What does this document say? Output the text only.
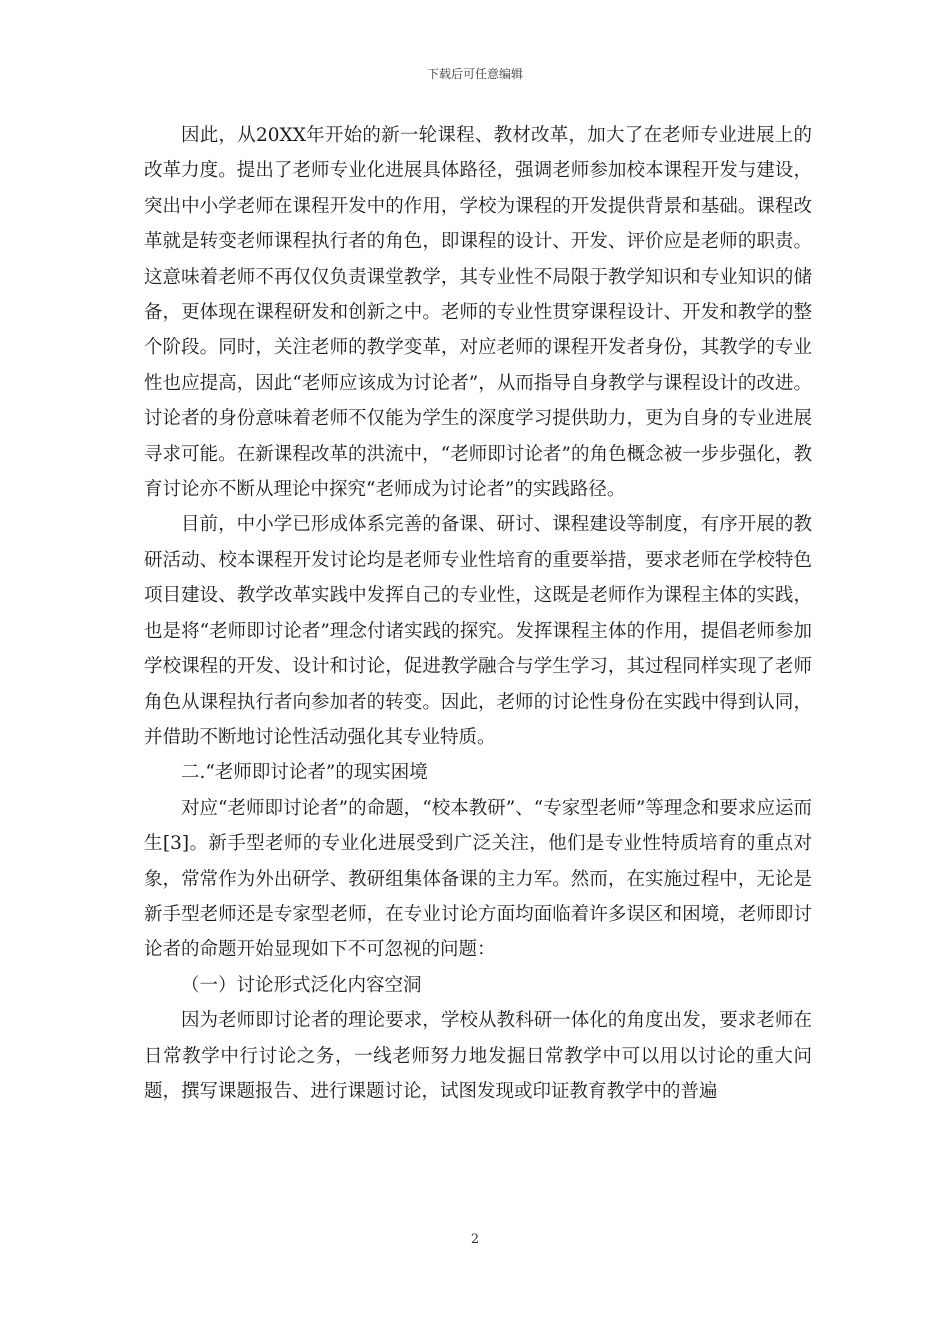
下载后可任意编辑

因此，从20XX年开始的新一轮课程、教材改革，加大了在老师专业进展上的改革力度。提出了老师专业化进展具体路径，强调老师参加校本课程开发与建设，突出中小学老师在课程开发中的作用，学校为课程的开发提供背景和基础。课程改革就是转变老师课程执行者的角色，即课程的设计、开发、评价应是老师的职责。这意味着老师不再仅仅负责课堂教学，其专业性不局限于教学知识和专业知识的储备，更体现在课程研发和创新之中。老师的专业性贯穿课程设计、开发和教学的整个阶段。同时，关注老师的教学变革，对应老师的课程开发者身份，其教学的专业性也应提高，因此“老师应该成为讨论者”，从而指导自身教学与课程设计的改进。讨论者的身份意味着老师不仅能为学生的深度学习提供助力，更为自身的专业进展寻求可能。在新课程改革的洪流中，“老师即讨论者”的角色概念被一步步强化，教育讨论亦不断从理论中探究“老师成为讨论者”的实践路径。

目前，中小学已形成体系完善的备课、研讨、课程建设等制度，有序开展的教研活动、校本课程开发讨论均是老师专业性培育的重要举措，要求老师在学校特色项目建设、教学改革实践中发挥自己的专业性，这既是老师作为课程主体的实践，也是将“老师即讨论者”理念付诸实践的探究。发挥课程主体的作用，提倡老师参加学校课程的开发、设计和讨论，促进教学融合与学生学习，其过程同样实现了老师角色从课程执行者向参加者的转变。因此，老师的讨论性身份在实践中得到认同，并借助不断地讨论性活动强化其专业特质。

二.“老师即讨论者”的现实困境

对应“老师即讨论者”的命题，“校本教研”、“专家型老师”等理念和要求应运而生[3]。新手型老师的专业化进展受到广泛关注，他们是专业性特质培育的重点对象，常常作为外出研学、教研组集体备课的主力军。然而，在实施过程中，无论是新手型老师还是专家型老师，在专业讨论方面均面临着许多误区和困境，老师即讨论者的命题开始显现如下不可忽视的问题：

（一）讨论形式泛化内容空洞

因为老师即讨论者的理论要求，学校从教科研一体化的角度出发，要求老师在日常教学中行讨论之务，一线老师努力地发掘日常教学中可以用以讨论的重大问题，撰写课题报告、进行课题讨论，试图发现或印证教育教学中的普遍

2
